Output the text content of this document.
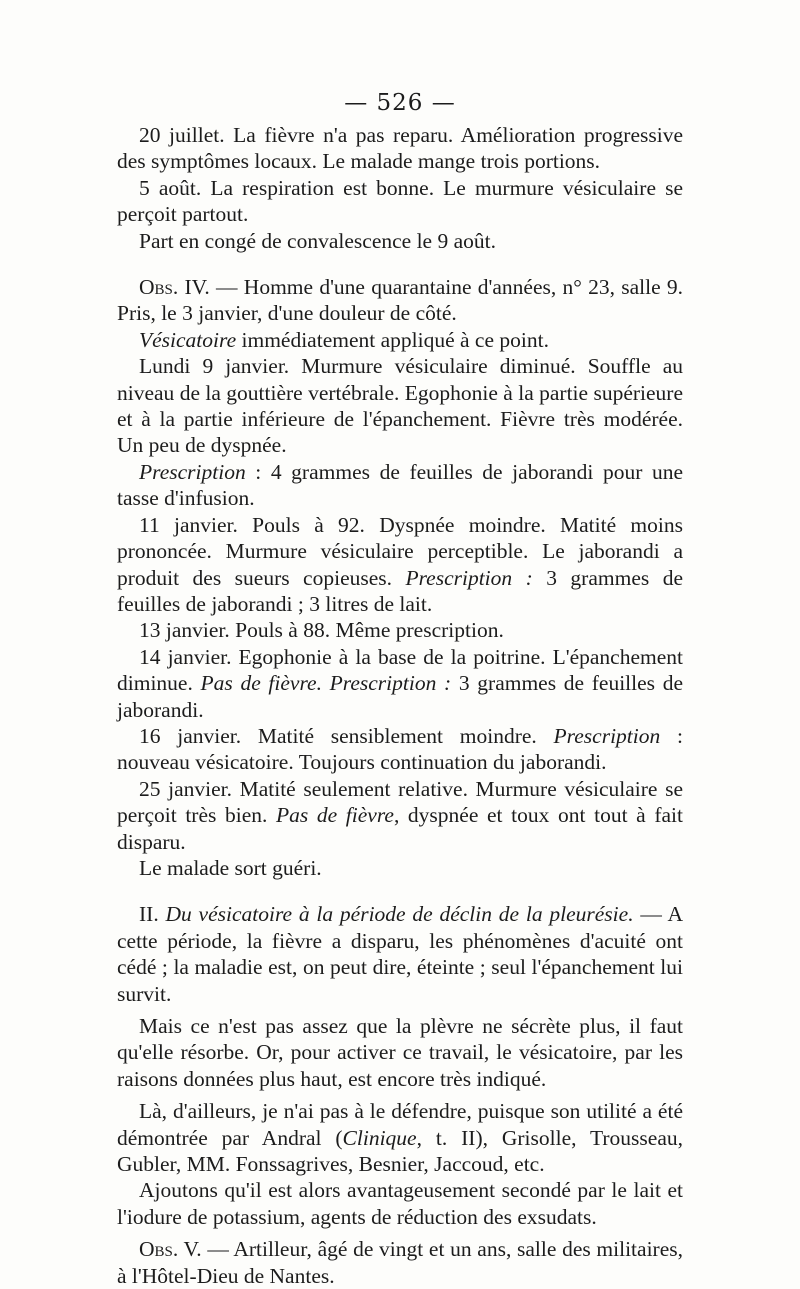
— 526 —

20 juillet. La fièvre n'a pas reparu. Amélioration progressive des symptômes locaux. Le malade mange trois portions.

5 août. La respiration est bonne. Le murmure vésiculaire se perçoit partout.

Part en congé de convalescence le 9 août.

Obs. IV. — Homme d'une quarantaine d'années, n° 23, salle 9. Pris, le 3 janvier, d'une douleur de côté.

Vésicatoire immédiatement appliqué à ce point.

Lundi 9 janvier. Murmure vésiculaire diminué. Souffle au niveau de la gouttière vertébrale. Egophonie à la partie supérieure et à la partie inférieure de l'épanchement. Fièvre très modérée. Un peu de dyspnée.

Prescription : 4 grammes de feuilles de jaborandi pour une tasse d'infusion.

11 janvier. Pouls à 92. Dyspnée moindre. Matité moins prononcée. Murmure vésiculaire perceptible. Le jaborandi a produit des sueurs copieuses. Prescription : 3 grammes de feuilles de jaborandi ; 3 litres de lait.

13 janvier. Pouls à 88. Même prescription.

14 janvier. Egophonie à la base de la poitrine. L'épanchement diminue. Pas de fièvre. Prescription : 3 grammes de feuilles de jaborandi.

16 janvier. Matité sensiblement moindre. Prescription : nouveau vésicatoire. Toujours continuation du jaborandi.

25 janvier. Matité seulement relative. Murmure vésiculaire se perçoit très bien. Pas de fièvre, dyspnée et toux ont tout à fait disparu.

Le malade sort guéri.

II. Du vésicatoire à la période de déclin de la pleurésie. — A cette période, la fièvre a disparu, les phénomènes d'acuité ont cédé ; la maladie est, on peut dire, éteinte ; seul l'épanchement lui survit.

Mais ce n'est pas assez que la plèvre ne sécrète plus, il faut qu'elle résorbe. Or, pour activer ce travail, le vésicatoire, par les raisons données plus haut, est encore très indiqué.

Là, d'ailleurs, je n'ai pas à le défendre, puisque son utilité a été démontrée par Andral (Clinique, t. II), Grisolle, Trousseau, Gubler, MM. Fonssagrives, Besnier, Jaccoud, etc.

Ajoutons qu'il est alors avantageusement secondé par le lait et l'iodure de potassium, agents de réduction des exsudats.

Obs. V. — Artilleur, âgé de vingt et un ans, salle des militaires, à l'Hôtel-Dieu de Nantes.
